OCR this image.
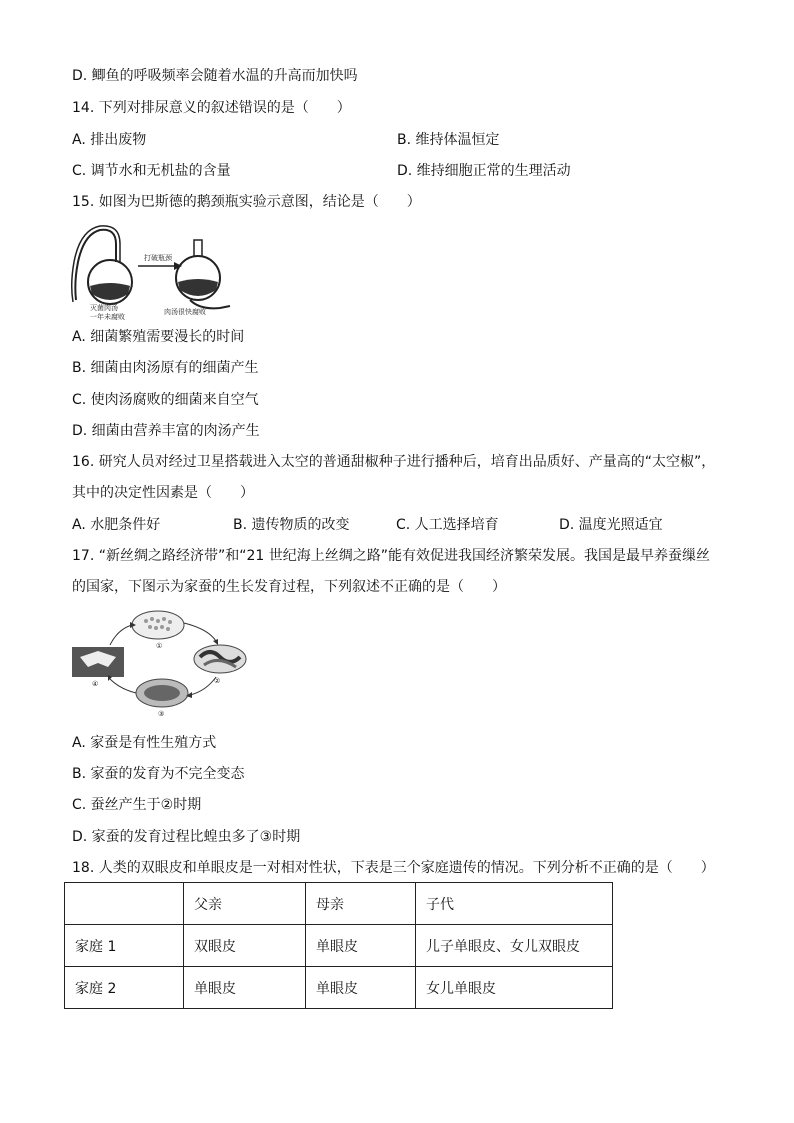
D. 鲫鱼的呼吸频率会随着水温的升高而加快吗
14. 下列对排尿意义的叙述错误的是（　　）
A. 排出废物	B. 维持体温恒定
C. 调节水和无机盐的含量	D. 维持细胞正常的生理活动
15. 如图为巴斯德的鹅颈瓶实验示意图，结论是（　　）
打破瓶颈
灭菌肉汤
一年未腐败
肉汤很快腐败
A. 细菌繁殖需要漫长的时间
B. 细菌由肉汤原有的细菌产生
C. 使肉汤腐败的细菌来自空气
D. 细菌由营养丰富的肉汤产生
16. 研究人员对经过卫星搭载进入太空的普通甜椒种子进行播种后，培育出品质好、产量高的“太空椒”，
其中的决定性因素是（　　）
A. 水肥条件好	B. 遗传物质的改变	C. 人工选择培育	D. 温度光照适宜
17. “新丝绸之路经济带”和“21 世纪海上丝绸之路”能有效促进我国经济繁荣发展。我国是最早养蚕缫丝
的国家，下图示为家蚕的生长发育过程，下列叙述不正确的是（　　）
①
②
③
④
A. 家蚕是有性生殖方式
B. 家蚕的发育为不完全变态
C. 蚕丝产生于②时期
D. 家蚕的发育过程比蝗虫多了③时期
18. 人类的双眼皮和单眼皮是一对相对性状，下表是三个家庭遗传的情况。下列分析不正确的是（　　）
	父亲	母亲	子代
家庭 1	双眼皮	单眼皮	儿子单眼皮、女儿双眼皮
家庭 2	单眼皮	单眼皮	女儿单眼皮
